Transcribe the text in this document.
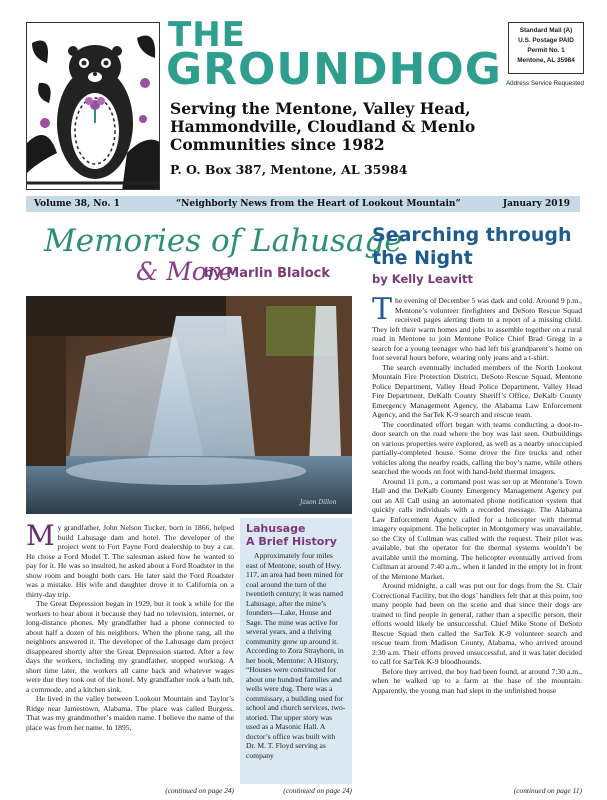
THE
GROUNDHOG
Serving the Mentone, Valley Head, Hammondville, Cloudland & Menlo Communities since 1982
P. O. Box 387, Mentone, AL 35984
Standard Mail (A)
U.S. Postage PAID
Permit No. 1
Mentone, AL 35984
Address Service Requested
Volume 38, No. 1	“Neighborly News from the Heart of Lookout Mountain”	January 2019
Memories of Lahusage
& More
by Marlin Blalock
Jason Dillon
M y grandfather, John Nelson Tucker, born in 1866, helped build Lahusage dam and hotel. The developer of the project went to Fort Payne Ford dealership to buy a car. He chose a Ford Model T. The salesman asked how he wanted to pay for it. He was so insulted, he asked about a Ford Roadster in the show room and bought both cars. He later said the Ford Roadster was a mistake. His wife and daughter drove it to California on a thirty-day trip.

The Great Depression began in 1929, but it took a while for the workers to hear about it because they had no television, internet, or long-distance phones. My grandfather had a phone connected to about half a dozen of his neighbors. When the phone rang, all the neighbors answered it. The developer of the Lahusage dam project disappeared shortly after the Great Depression started. After a few days the workers, including my grandfather, stopped working. A short time later, the workers all came back and whatever wages were due they took out of the hotel. My grandfather took a bath tub, a commode, and a kitchen sink.

He lived in the valley between Lookout Mountain and Taylor’s Ridge near Jamestown, Alabama. The place was called Burgess. That was my grandmother’s maiden name. I believe the name of the place was from her name. In 1895,

(continued on page 24)
Lahusage
A Brief History

Approximately four miles east of Mentone, south of Hwy. 117, an area had been mined for coal around the turn of the twentieth century; it was named Lahusage, after the mine’s founders—Lake, House and Sage. The mine was active for several years, and a thriving community grew up around it. According to Zora Strayhorn, in her book, Mentone: A History, “Houses were constructed for about one hundred families and wells were dug. There was a commissary, a building used for school and church services, two-storied. The upper story was used as a Masonic Hall. A doctor’s office was built with Dr. M. T. Floyd serving as company

(continued on page 24)
Searching through the Night
by Kelly Leavitt
T he evening of December 5 was dark and cold. Around 9 p.m., Mentone’s volunteer firefighters and DeSoto Rescue Squad received pages alerting them to a report of a missing child. They left their warm homes and jobs to assemble together on a rural road in Mentone to join Mentone Police Chief Brad Gregg in a search for a young teenager who had left his grandparent’s home on foot several hours before, wearing only jeans and a t-shirt.

The search eventually included members of the North Lookout Mountain Fire Protection District, DeSoto Rescue Squad, Mentone Police Department, Valley Head Police Department, Valley Head Fire Department, DeKalb County Sheriff’s Office, DeKalb County Emergency Management Agency, the Alabama Law Enforcement Agency, and the SarTek K-9 search and rescue team.

The coordinated effort began with teams conducting a door-to-door search on the road where the boy was last seen. Outbuildings on various properties were explored, as well as a nearby unoccupied partially-completed house. Some drove the fire trucks and other vehicles along the nearby roads, calling the boy’s name, while others searched the woods on foot with hand-held thermal imagers.

Around 11 p.m., a command post was set up at Mentone’s Town Hall and the DeKalb County Emergency Management Agency put out an All Call using an automated phone notification system that quickly calls individuals with a recorded message. The Alabama Law Enforcement Agency called for a helicopter with thermal imagery equipment. The helicopter in Montgomery was unavailable, so the City of Cullman was called with the request. Their pilot was available, but the operator for the thermal systems wouldn’t be available until the morning. The helicopter eventually arrived from Cullman at around 7:40 a.m., when it landed in the empty lot in front of the Mentone Market.

Around midnight, a call was put out for dogs from the St. Clair Correctional Facility, but the dogs’ handlers felt that at this point, too many people had been on the scene and that since their dogs are trained to find people in general, rather than a specific person, their efforts would likely be unsuccessful. Chief Mike Stone of DeSoto Rescue Squad then called the SarTek K-9 volunteer search and rescue team from Madison County, Alabama, who arrived around 2:30 a.m. Their efforts proved unsuccessful, and it was later decided to call for SarTek K-9 bloodhounds.

Before they arrived, the boy had been found, at around 7:30 a.m., when he walked up to a farm at the base of the mountain. Apparently, the young man had slept in the unfinished house

(continued on page 11)
